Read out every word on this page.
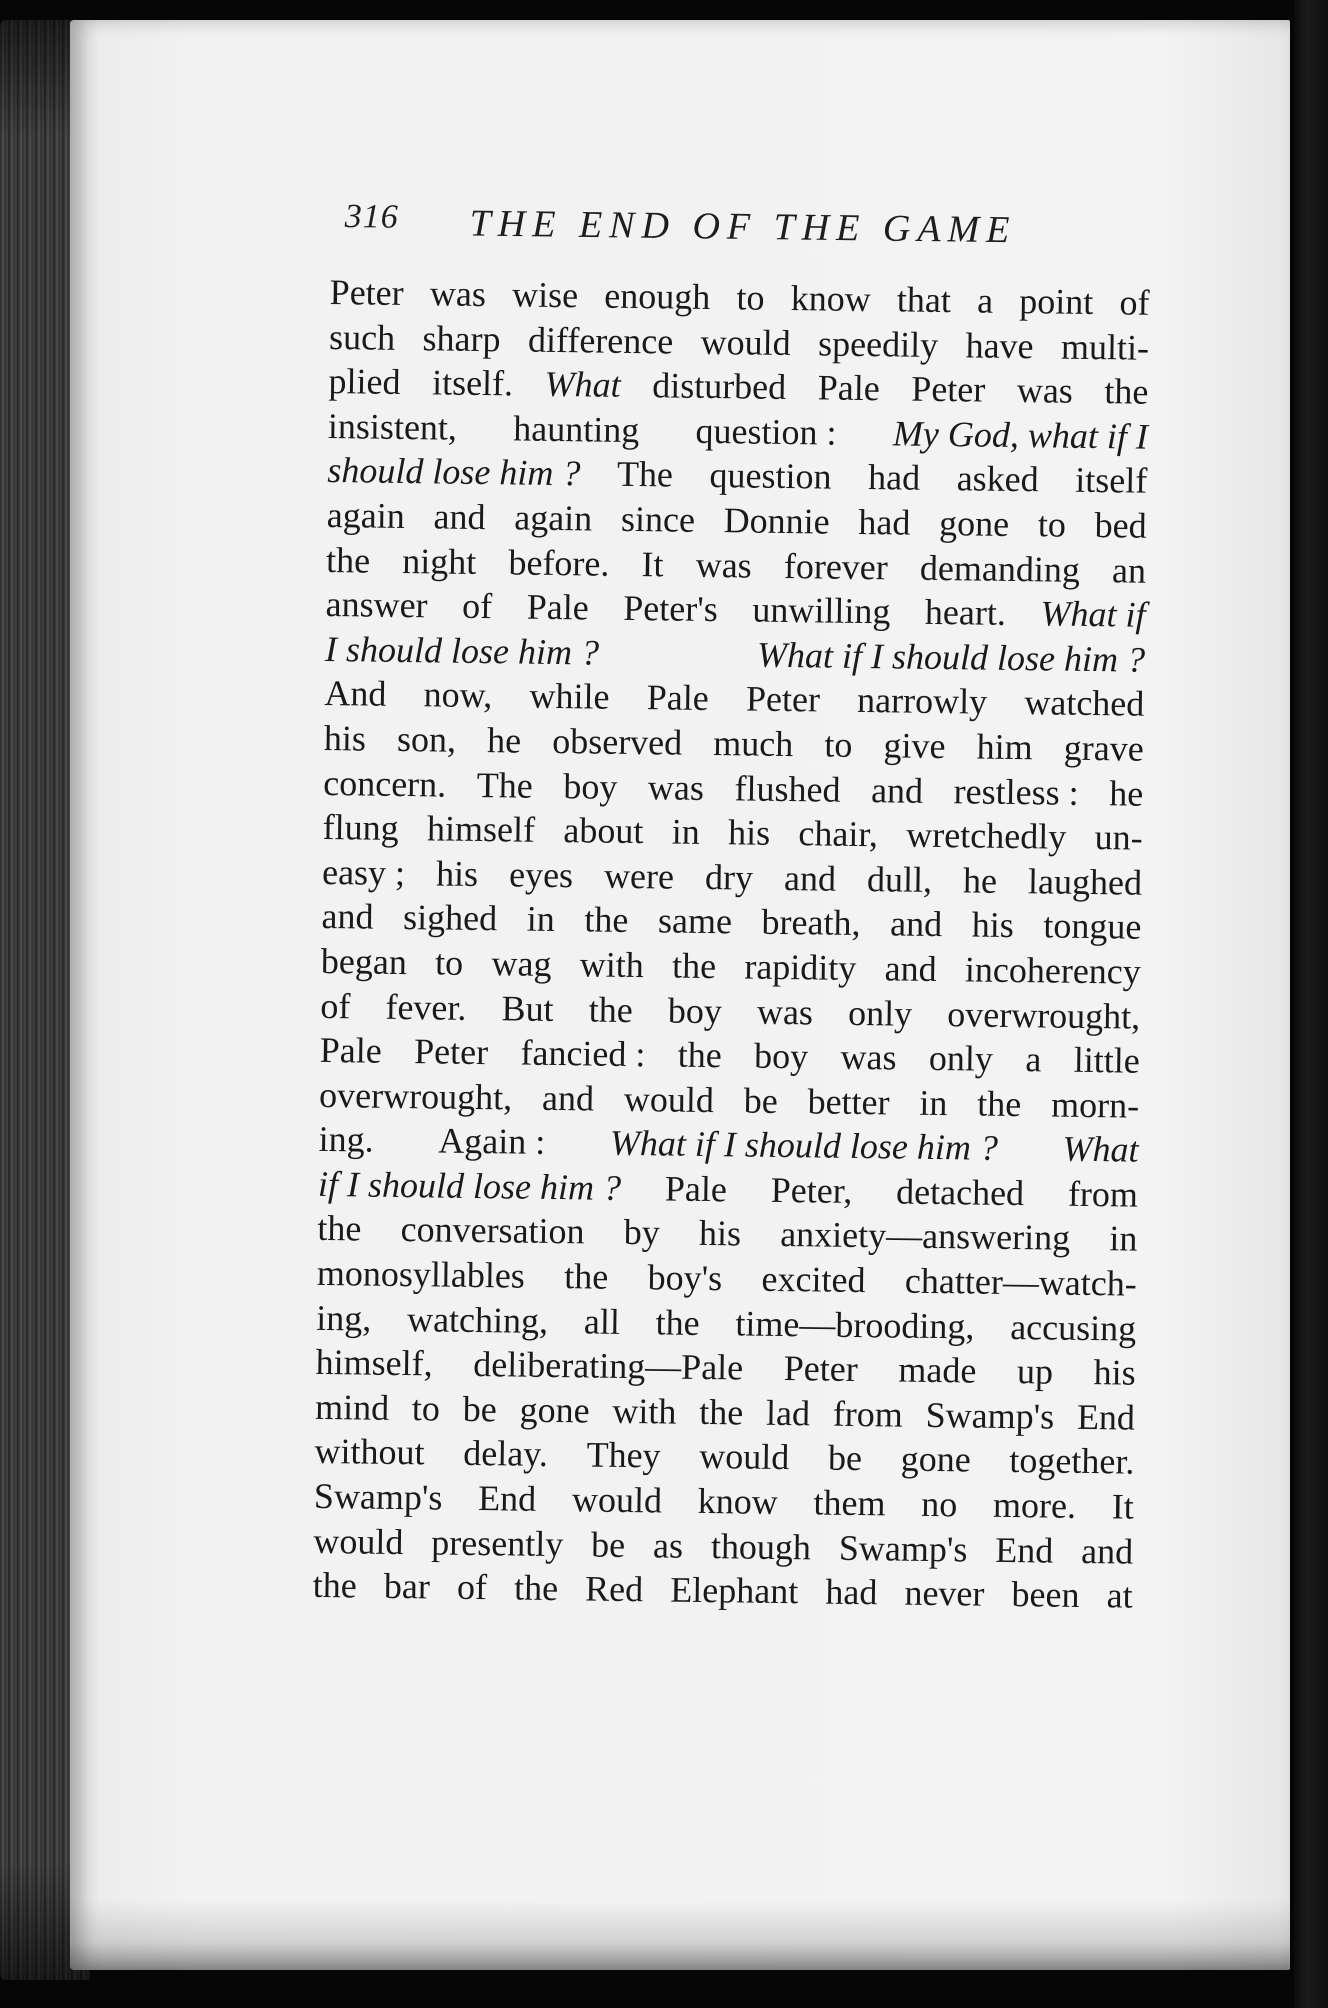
316 THE END OF THE GAME
Peter was wise enough to know that a point of
such sharp difference would speedily have multi-
plied itself. What disturbed Pale Peter was the
insistent, haunting question : My God, what if I
should lose him ? The question had asked itself
again and again since Donnie had gone to bed
the night before. It was forever demanding an
answer of Pale Peter's unwilling heart. What if
I should lose him ?	What if I should lose him ?
And now, while Pale Peter narrowly watched
his son, he observed much to give him grave
concern. The boy was flushed and restless : he
flung himself about in his chair, wretchedly un-
easy ; his eyes were dry and dull, he laughed
and sighed in the same breath, and his tongue
began to wag with the rapidity and incoherency
of fever. But the boy was only overwrought,
Pale Peter fancied : the boy was only a little
overwrought, and would be better in the morn-
ing. Again : What if I should lose him ? What
if I should lose him ? Pale Peter, detached from
the conversation by his anxiety—answering in
monosyllables the boy's excited chatter—watch-
ing, watching, all the time—brooding, accusing
himself, deliberating—Pale Peter made up his
mind to be gone with the lad from Swamp's End
without delay. They would be gone together.
Swamp's End would know them no more. It
would presently be as though Swamp's End and
the bar of the Red Elephant had never been at
